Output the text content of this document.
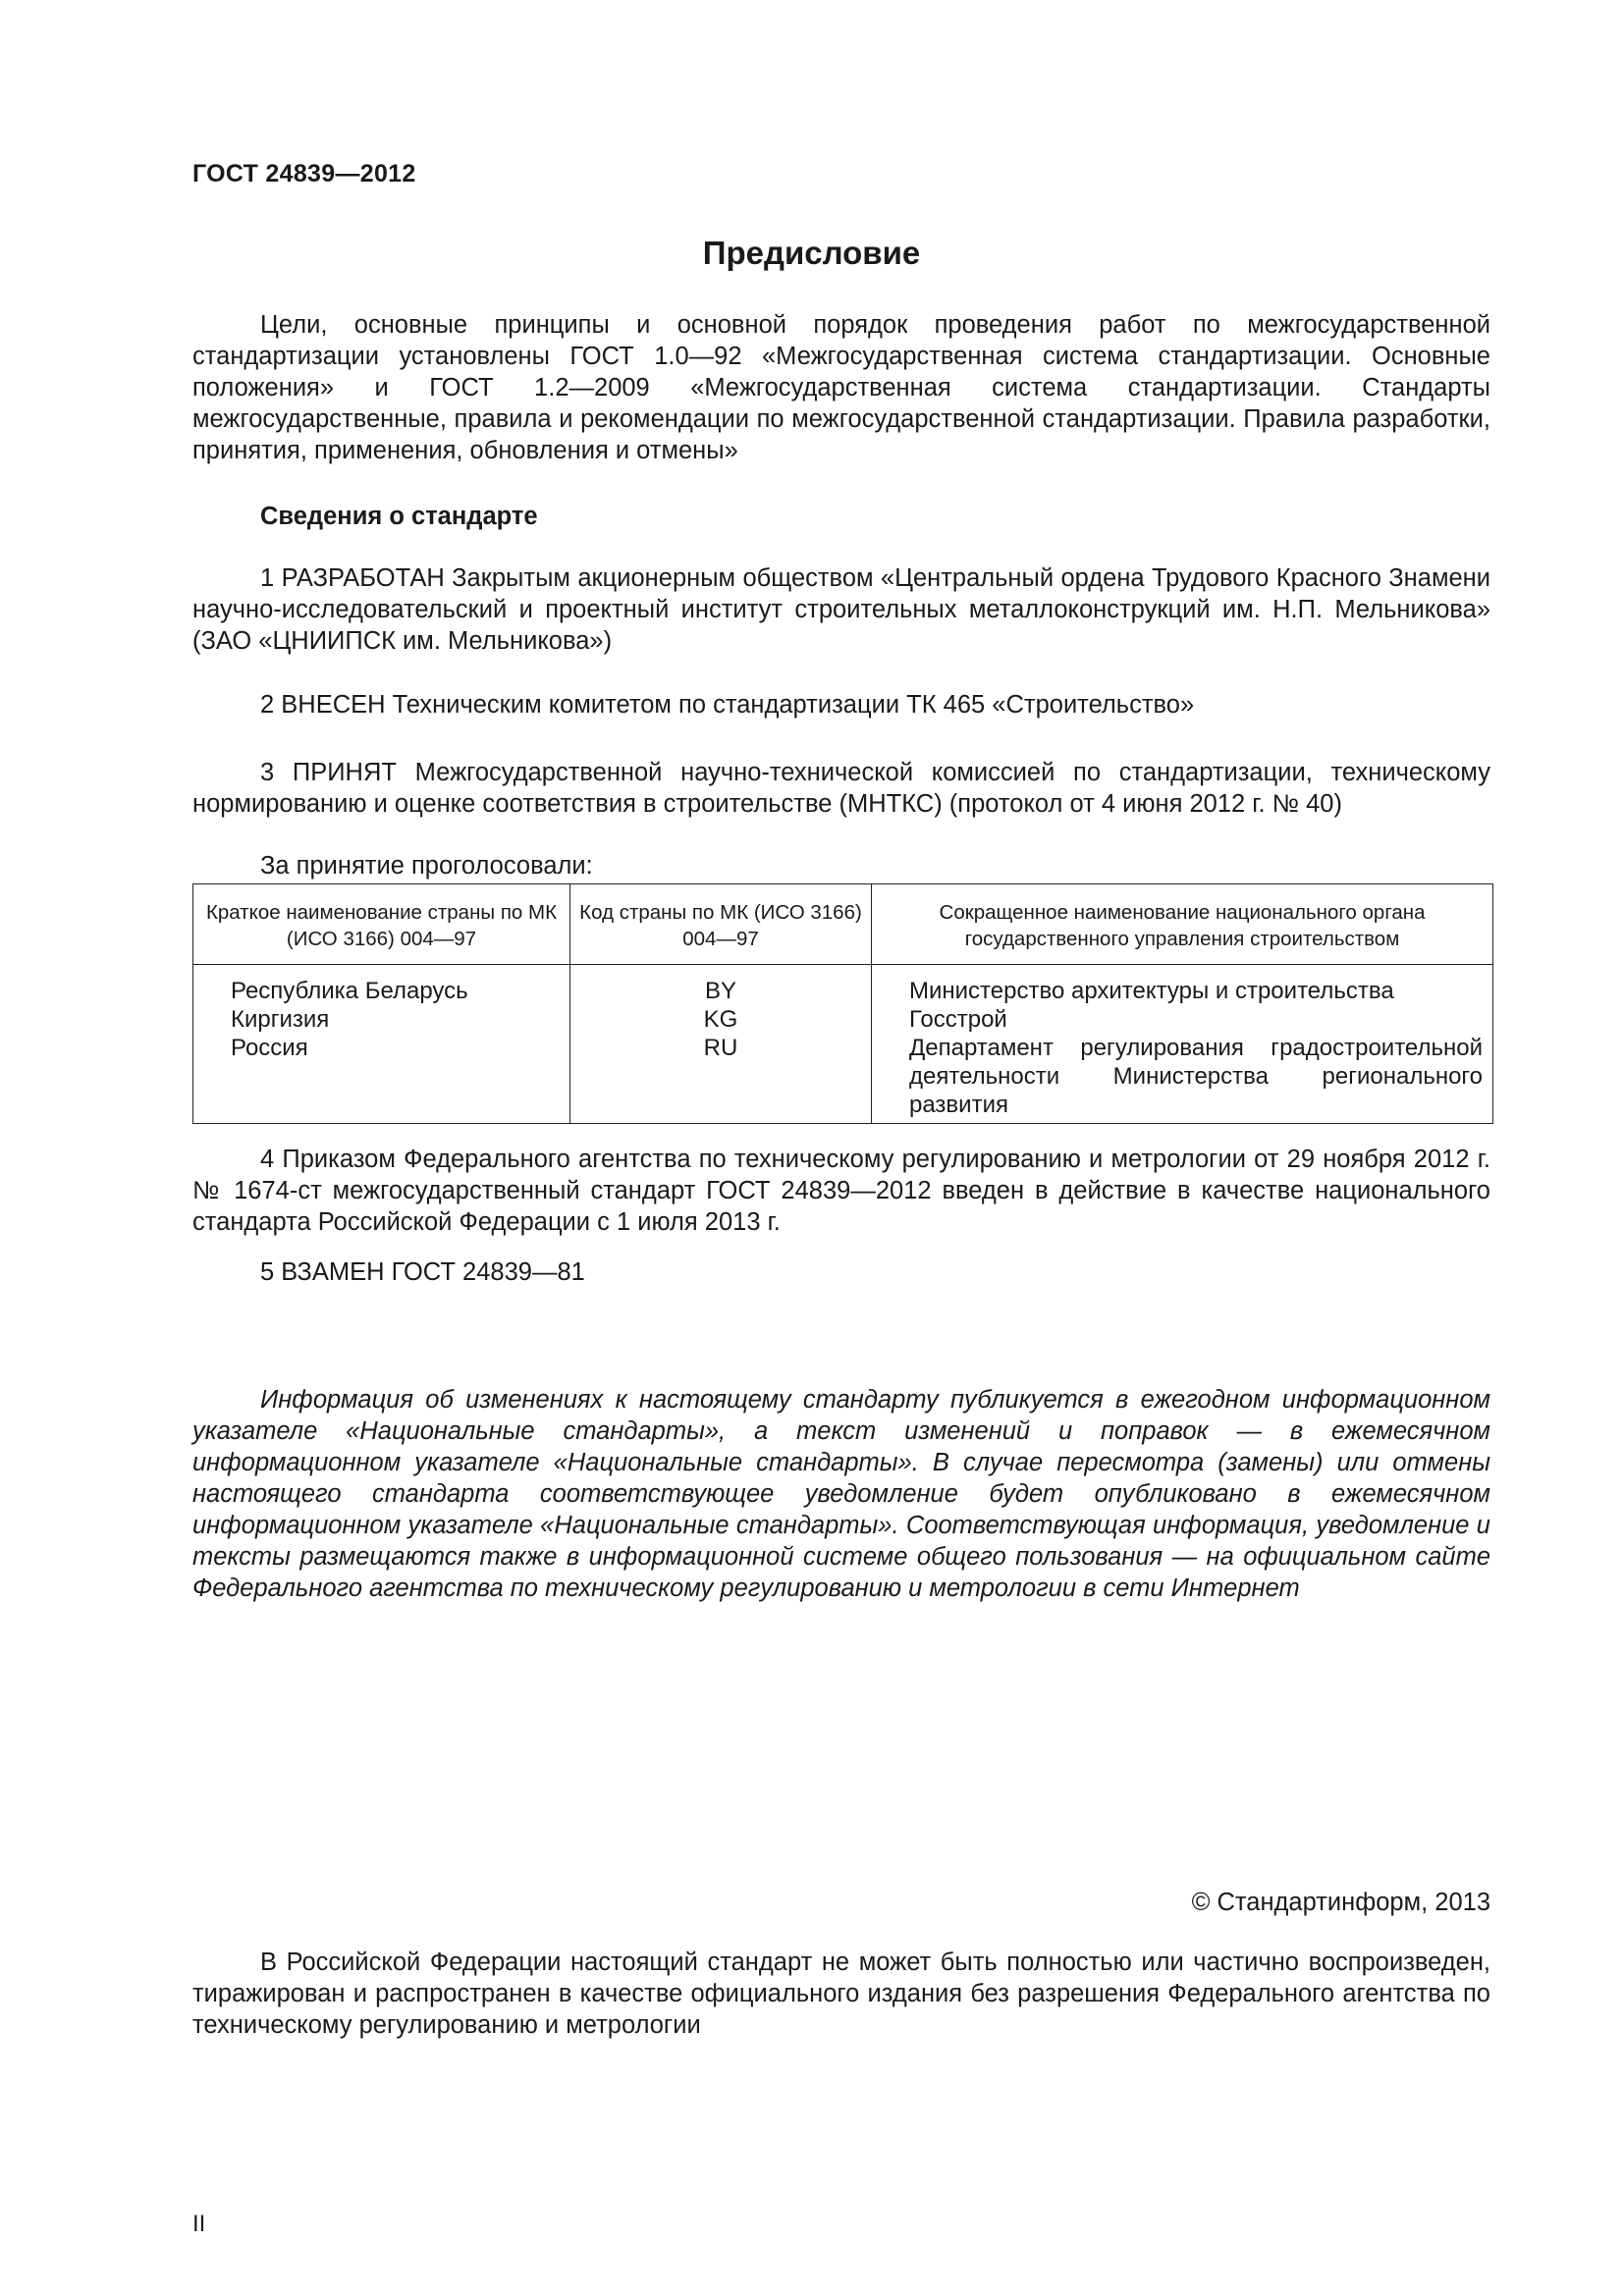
ГОСТ 24839—2012
Предисловие

Цели, основные принципы и основной порядок проведения работ по межгосударственной стандартизации установлены ГОСТ 1.0—92 «Межгосударственная система стандартизации. Основные положения» и ГОСТ 1.2—2009 «Межгосударственная система стандартизации. Стандарты межгосударственные, правила и рекомендации по межгосударственной стандартизации. Правила разработки, принятия, применения, обновления и отмены»

Сведения о стандарте

1 РАЗРАБОТАН Закрытым акционерным обществом «Центральный ордена Трудового Красного Знамени научно-исследовательский и проектный институт строительных металлоконструкций им. Н.П. Мельникова» (ЗАО «ЦНИИПСК им. Мельникова»)

2 ВНЕСЕН Техническим комитетом по стандартизации ТК 465 «Строительство»

3 ПРИНЯТ Межгосударственной научно-технической комиссией по стандартизации, техническому нормированию и оценке соответствия в строительстве (МНТКС) (протокол от 4 июня 2012 г. № 40)

За принятие проголосовали:
Краткое наименование страны по МК (ИСО 3166) 004—97	Код страны по МК (ИСО 3166) 004—97	Сокращенное наименование национального органа государственного управления строительством
Республика Беларусь	BY	Министерство архитектуры и строительства
Киргизия	KG	Госстрой
Россия	RU	Департамент регулирования градостроительной деятельности Министерства регионального развития

4 Приказом Федерального агентства по техническому регулированию и метрологии от 29 ноября 2012 г. № 1674-ст межгосударственный стандарт ГОСТ 24839—2012 введен в действие в качестве национального стандарта Российской Федерации с 1 июля 2013 г.

5 ВЗАМЕН ГОСТ 24839—81

Информация об изменениях к настоящему стандарту публикуется в ежегодном информационном указателе «Национальные стандарты», а текст изменений и поправок — в ежемесячном информационном указателе «Национальные стандарты». В случае пересмотра (замены) или отмены настоящего стандарта соответствующее уведомление будет опубликовано в ежемесячном информационном указателе «Национальные стандарты». Соответствующая информация, уведомление и тексты размещаются также в информационной системе общего пользования — на официальном сайте Федерального агентства по техническому регулированию и метрологии в сети Интернет

© Стандартинформ, 2013

В Российской Федерации настоящий стандарт не может быть полностью или частично воспроизведен, тиражирован и распространен в качестве официального издания без разрешения Федерального агентства по техническому регулированию и метрологии

II
